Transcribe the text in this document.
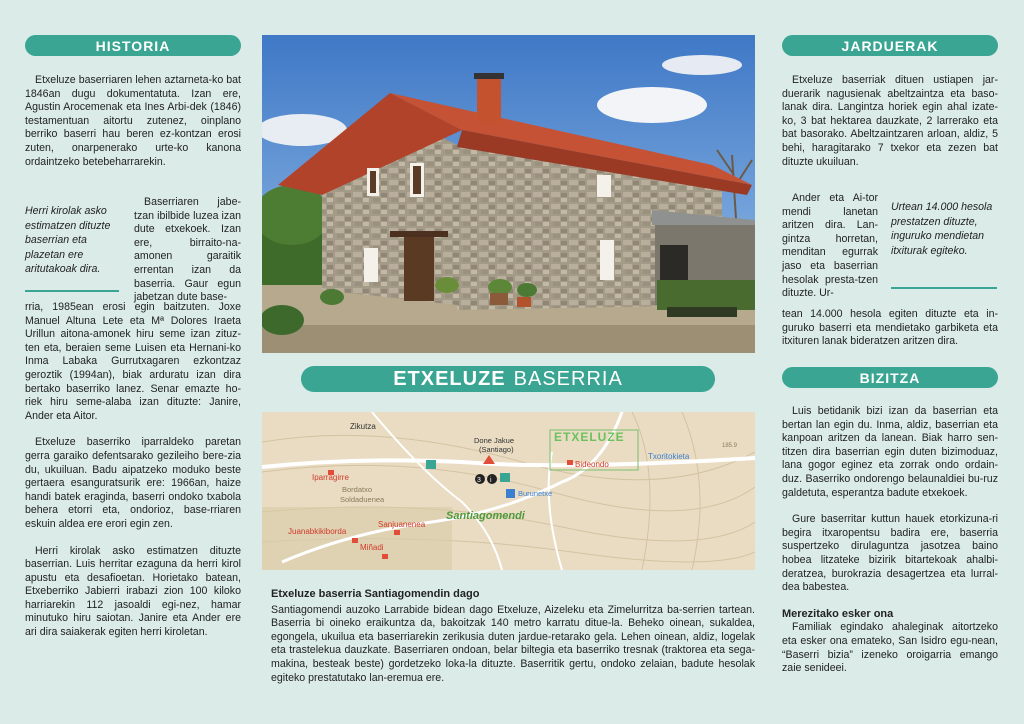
HISTORIA

Etxeluze baserriaren lehen aztarneta-ko bat 1846an dugu dokumentatuta. Izan ere, Agustin Arocemenak eta Ines Arbi-dek (1846) testamentuan aitortu zutenez, oinplano berriko baserri hau beren ez-kontzan erosi zuten, onarpenerako urte-ko kanona ordaintzeko betebeharrarekin.

Herri kirolak asko estimatzen dituzte baserrian eta plazetan ere aritutakoak dira.

Baserriaren jabe-tzan ibilbide luzea izan dute etxekoek. Izan ere, birraito-na-amonen garaitik errentan izan da baserria. Gaur egun jabetzan dute base-

rria, 1985ean erosi egin baitzuten. Joxe Manuel Altuna Lete eta Mª Dolores Iraeta Urillun aitona-amonek hiru seme izan zituz-ten eta, beraien seme Luisen eta Hernani-ko Inma Labaka Gurrutxagaren ezkontzaz geroztik (1994an), biak arduratu izan dira bertako baserriko lanez. Senar emazte ho-riek hiru seme-alaba izan dituzte: Janire, Ander eta Aitor.

Etxeluze baserriko iparraldeko paretan gerra garaiko defentsarako gezileiho bere-zia du, ukuiluan. Badu aipatzeko moduko beste gertaera esanguratsurik ere: 1966an, haize handi batek eraginda, baserri ondoko txabola behera etorri eta, ondorioz, base-rriaren eskuin aldea ere erori egin zen.

Herri kirolak asko estimatzen dituzte baserrian. Luis herritar ezaguna da herri kirol apustu eta desafioetan. Horietako batean, Etxeberriko Jabierri irabazi zion 100 kiloko harriarekin 112 jasoaldi egi-nez, hamar minutuko hiru saiotan. Janire eta Ander ere ari dira saiakerak egiten herri kiroletan.

ETXELUZE BASERRIA
Zikutza
Done Jakue
(Santiago)
ETXELUZE
Bideondo
Txoritokieta
185.9
Iparragirre
Bordatxo
Soldaduenea
Santiagomendi
Juanabkikiborda
Sanjuanenea
Miñadi
Burunetxe
3 i
Etxeluze baserria Santiagomendin dago

Santiagomendi auzoko Larrabide bidean dago Etxeluze, Aizeleku eta Zimelurritza ba-serrien tartean. Baserria bi oineko eraikuntza da, bakoitzak 140 metro karratu ditue-la. Beheko oinean, sukaldea, egongela, ukuilua eta baserriarekin zerikusia duten jardue-retarako gela. Lehen oinean, aldiz, logelak eta trastelekua dauzkate. Baserriaren ondoan, belar biltegia eta baserriko tresnak (traktorea eta sega-makina, besteak beste) gordetzeko loka-la dituzte. Baserritik gertu, ondoko zelaian, badute hesolak egiteko prestatutako lan-eremua ere.

JARDUERAK

Etxeluze baserriak dituen ustiapen jar-duerarik nagusienak abeltzaintza eta baso-lanak dira. Langintza horiek egin ahal izate-ko, 3 bat hektarea dauzkate, 2 larrerako eta bat basorako. Abeltzaintzaren arloan, aldiz, 5 behi, haragitarako 7 txekor eta zezen bat dituzte ukuiluan.

Ander eta Ai-tor mendi lanetan aritzen dira. Lan-gintza horretan, menditan egurrak jaso eta baserrian hesolak presta-tzen dituzte. Ur-

Urtean 14.000 hesola prestatzen dituzte, inguruko mendietan itxiturak egiteko.

tean 14.000 hesola egiten dituzte eta in-guruko baserri eta mendietako garbiketa eta itxituren lanak bideratzen aritzen dira.

BIZITZA

Luis betidanik bizi izan da baserrian eta bertan lan egin du. Inma, aldiz, baserrian eta kanpoan aritzen da lanean. Biak harro sen-titzen dira baserrian egin duten bizimoduaz, lana gogor eginez eta zorrak ondo ordain-duz. Baserriko ondorengo belaunaldiei bu-ruz galdetuta, esperantza badute etxekoek.

Gure baserritar kuttun hauek etorkizuna-ri begira itxaropentsu badira ere, baserria suspertzeko dirulaguntza jasotzea baino hobea litzateke bizirik bitartekoak ahalbi-deratzea, burokrazia desagertzea eta lurral-dea babestea.

Merezitako esker ona

Familiak egindako ahaleginak aitortzeko eta esker ona emateko, San Isidro egu-nean, “Baserri bizia” izeneko oroigarria emango zaie senideei.
